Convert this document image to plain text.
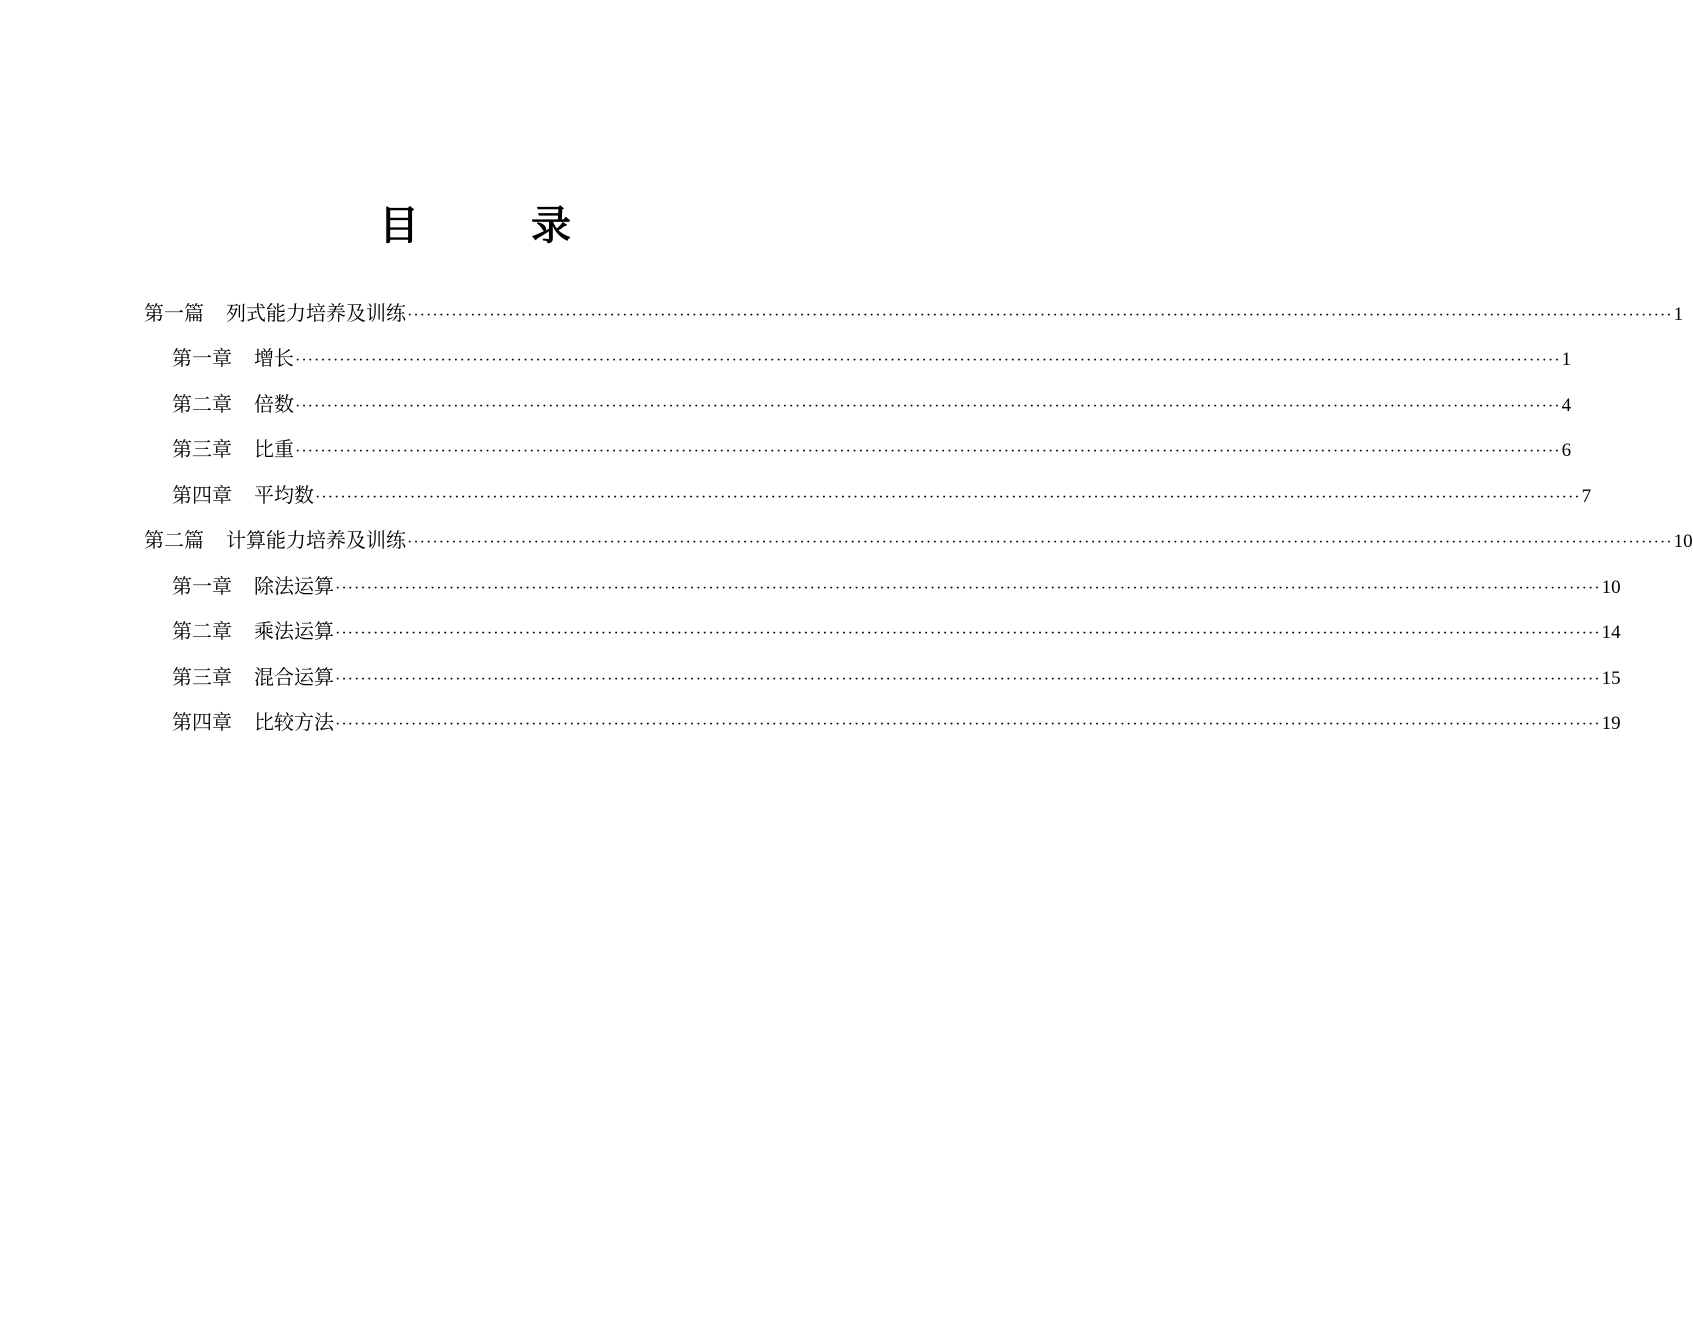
目　录
第一篇 列式能力培养及训练 ········································································································································································································ 1
第一章 增长 ········································································································································································································ 1
第二章 倍数 ········································································································································································································ 4
第三章 比重 ········································································································································································································ 6
第四章 平均数 ········································································································································································································ 7
第二篇 计算能力培养及训练 ········································································································································································································ 10
第一章 除法运算 ········································································································································································································ 10
第二章 乘法运算 ········································································································································································································ 14
第三章 混合运算 ········································································································································································································ 15
第四章 比较方法 ········································································································································································································ 19
